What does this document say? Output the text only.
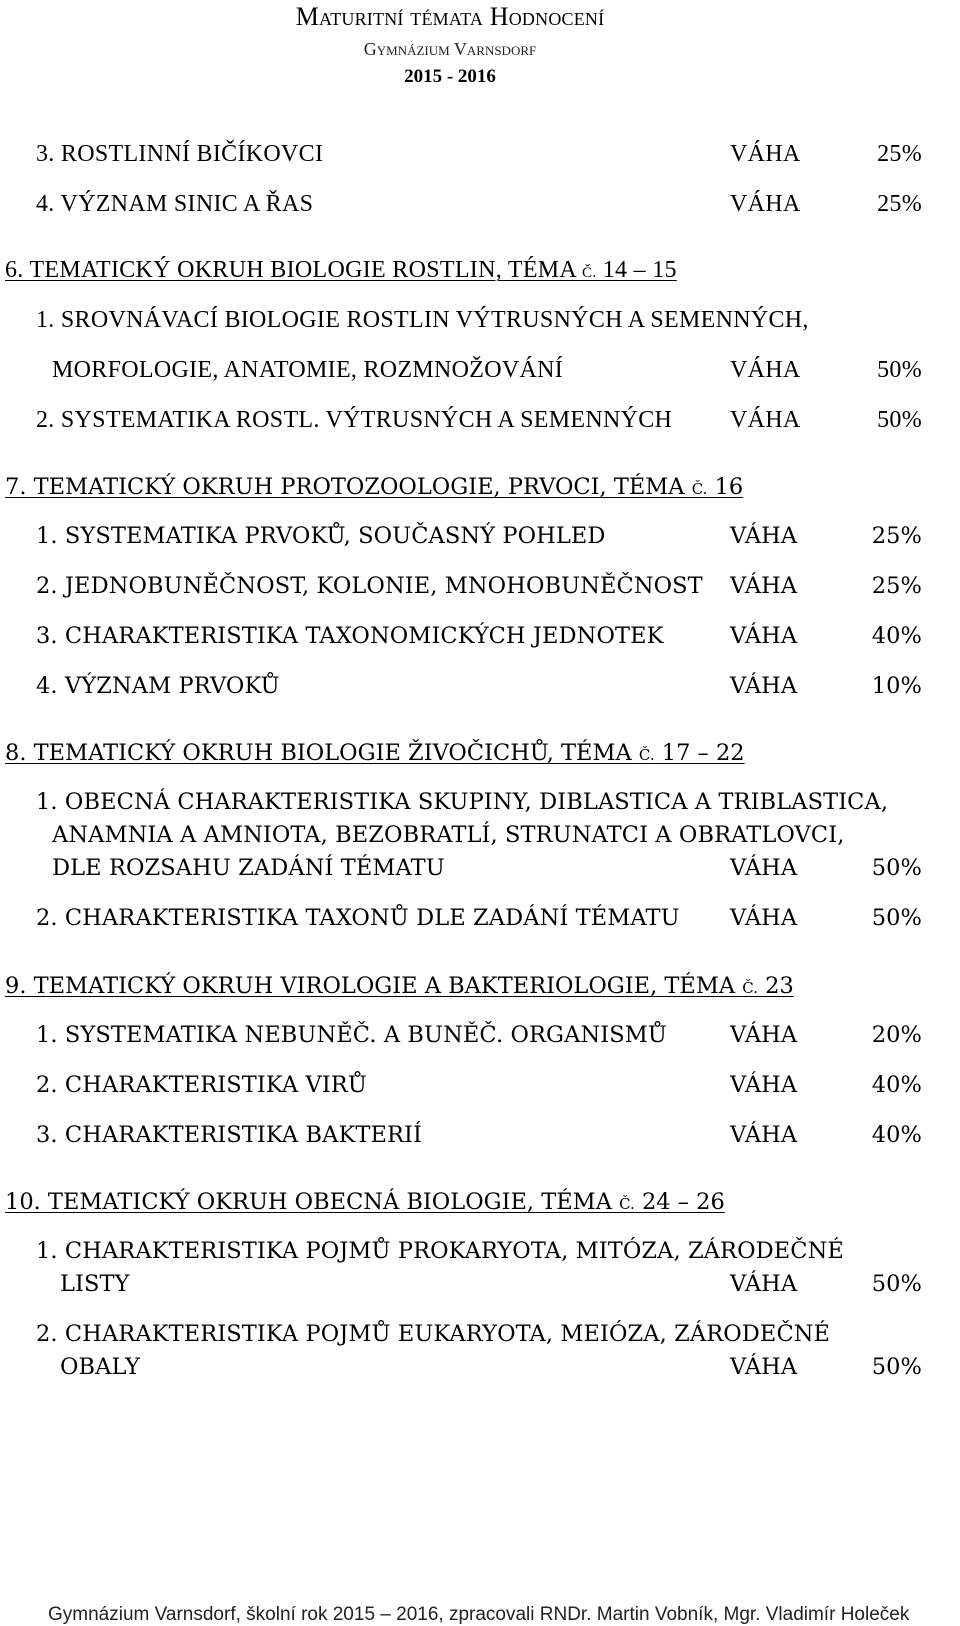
Maturitní témata Hodnocení
Gymnázium Varnsdorf
2015 - 2016
3. ROSTLINNÍ BIČÍKOVCI	VÁHA	25%
4. VÝZNAM SINIC A ŘAS	VÁHA	25%
6. TEMATICKÝ OKRUH BIOLOGIE ROSTLIN, TÉMA Č. 14 – 15
1. SROVNÁVACÍ BIOLOGIE ROSTLIN VÝTRUSNÝCH A SEMENNÝCH,
MORFOLOGIE, ANATOMIE, ROZMNOŽOVÁNÍ	VÁHA	50%
2. SYSTEMATIKA ROSTL. VÝTRUSNÝCH A SEMENNÝCH VÁHA	50%
7. TEMATICKÝ OKRUH PROTOZOOLOGIE, PRVOCI, TÉMA Č. 16
1. SYSTEMATIKA PRVOKŮ, SOUČASNÝ POHLED	VÁHA	25%
2. JEDNOBUNĚČNOST, KOLONIE, MNOHOBUNĚČNOST VÁHA	25%
3. CHARAKTERISTIKA TAXONOMICKÝCH JEDNOTEK	VÁHA	40%
4. VÝZNAM PRVOKŮ	VÁHA	10%
8. TEMATICKÝ OKRUH BIOLOGIE ŽIVOČICHŮ, TÉMA Č. 17 – 22
1. OBECNÁ CHARAKTERISTIKA SKUPINY, DIBLASTICA A TRIBLASTICA,
ANAMNIA A AMNIOTA, BEZOBRATLÍ, STRUNATCI A OBRATLOVCI,
DLE ROZSAHU ZADÁNÍ TÉMATU	VÁHA	50%
2. CHARAKTERISTIKA TAXONŮ DLE ZADÁNÍ TÉMATU VÁHA	50%
9. TEMATICKÝ OKRUH VIROLOGIE A BAKTERIOLOGIE, TÉMA Č. 23
1. SYSTEMATIKA NEBUNĚČ. A BUNĚČ. ORGANISMŮ	VÁHA	20%
2. CHARAKTERISTIKA VIRŮ	VÁHA	40%
3. CHARAKTERISTIKA BAKTERIÍ	VÁHA	40%
10. TEMATICKÝ OKRUH OBECNÁ BIOLOGIE, TÉMA Č. 24 – 26
1. CHARAKTERISTIKA POJMŮ PROKARYOTA, MITÓZA, ZÁRODEČNÉ
LISTY	VÁHA	50%
2. CHARAKTERISTIKA POJMŮ EUKARYOTA, MEIÓZA, ZÁRODEČNÉ
OBALY	VÁHA	50%
Gymnázium Varnsdorf, školní rok 2015 – 2016, zpracovali RNDr. Martin Vobník, Mgr. Vladimír Holeček
